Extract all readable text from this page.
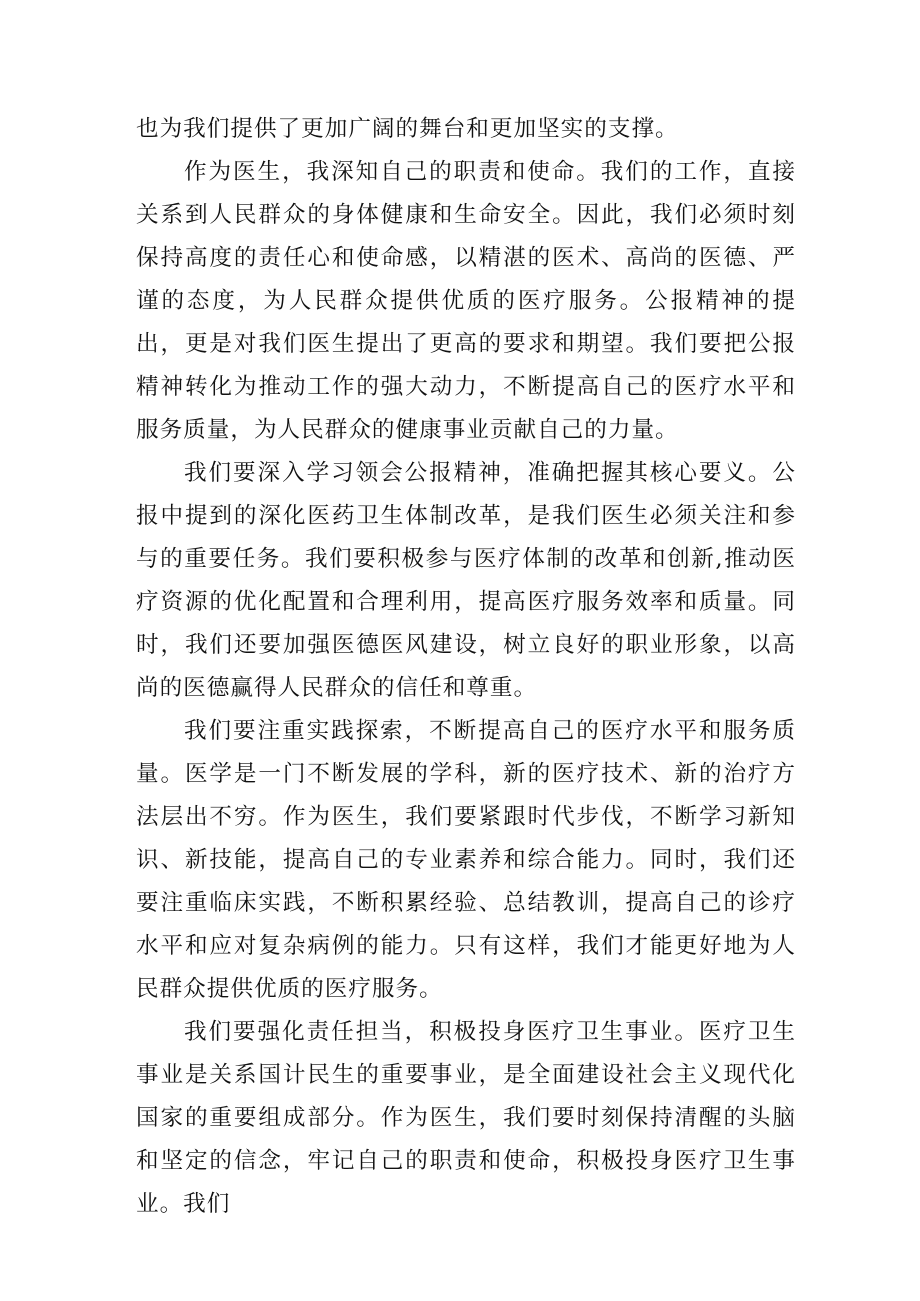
也为我们提供了更加广阔的舞台和更加坚实的支撑。

作为医生，我深知自己的职责和使命。我们的工作，直接关系到人民群众的身体健康和生命安全。因此，我们必须时刻保持高度的责任心和使命感，以精湛的医术、高尚的医德、严谨的态度，为人民群众提供优质的医疗服务。公报精神的提出，更是对我们医生提出了更高的要求和期望。我们要把公报精神转化为推动工作的强大动力，不断提高自己的医疗水平和服务质量，为人民群众的健康事业贡献自己的力量。

我们要深入学习领会公报精神，准确把握其核心要义。公报中提到的深化医药卫生体制改革，是我们医生必须关注和参与的重要任务。我们要积极参与医疗体制的改革和创新,推动医疗资源的优化配置和合理利用，提高医疗服务效率和质量。同时，我们还要加强医德医风建设，树立良好的职业形象，以高尚的医德赢得人民群众的信任和尊重。

我们要注重实践探索，不断提高自己的医疗水平和服务质量。医学是一门不断发展的学科，新的医疗技术、新的治疗方法层出不穷。作为医生，我们要紧跟时代步伐，不断学习新知识、新技能，提高自己的专业素养和综合能力。同时，我们还要注重临床实践，不断积累经验、总结教训，提高自己的诊疗水平和应对复杂病例的能力。只有这样，我们才能更好地为人民群众提供优质的医疗服务。

我们要强化责任担当，积极投身医疗卫生事业。医疗卫生事业是关系国计民生的重要事业，是全面建设社会主义现代化国家的重要组成部分。作为医生，我们要时刻保持清醒的头脑和坚定的信念，牢记自己的职责和使命，积极投身医疗卫生事业。我们
